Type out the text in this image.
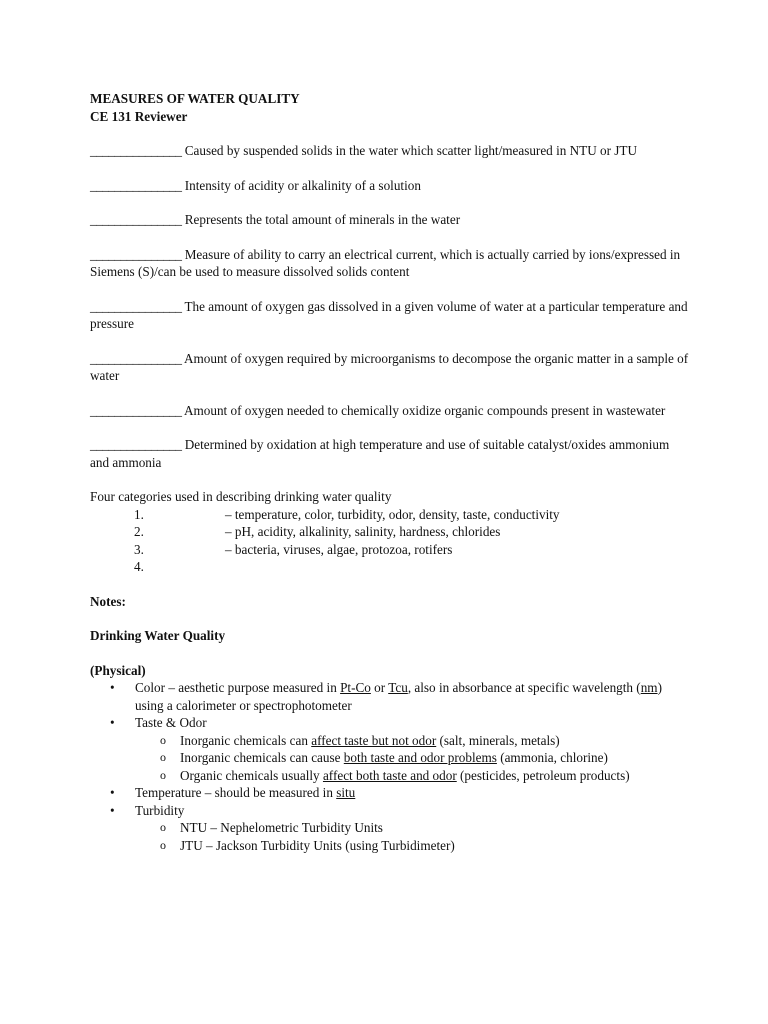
MEASURES OF WATER QUALITY
CE 131 Reviewer

_______________ Caused by suspended solids in the water which scatter light/measured in NTU or JTU

_______________ Intensity of acidity or alkalinity of a solution

_______________ Represents the total amount of minerals in the water

_______________ Measure of ability to carry an electrical current, which is actually carried by ions/expressed in Siemens (S)/can be used to measure dissolved solids content

_______________ The amount of oxygen gas dissolved in a given volume of water at a particular temperature and pressure

_______________ Amount of oxygen required by microorganisms to decompose the organic matter in a sample of water

_______________ Amount of oxygen needed to chemically oxidize organic compounds present in wastewater

_______________ Determined by oxidation at high temperature and use of suitable catalyst/oxides ammonium and ammonia

Four categories used in describing drinking water quality

1.	– temperature, color, turbidity, odor, density, taste, conductivity
2.	– pH, acidity, alkalinity, salinity, hardness, chlorides
3.	– bacteria, viruses, algae, protozoa, rotifers
4.

Notes:

Drinking Water Quality

(Physical)

• Color – aesthetic purpose measured in Pt-Co or Tcu, also in absorbance at specific wavelength (nm) using a calorimeter or spectrophotometer
• Taste & Odor
o Inorganic chemicals can affect taste but not odor (salt, minerals, metals)
o Inorganic chemicals can cause both taste and odor problems (ammonia, chlorine)
o Organic chemicals usually affect both taste and odor (pesticides, petroleum products)
• Temperature – should be measured in situ
• Turbidity
o NTU – Nephelometric Turbidity Units
o JTU – Jackson Turbidity Units (using Turbidimeter)
